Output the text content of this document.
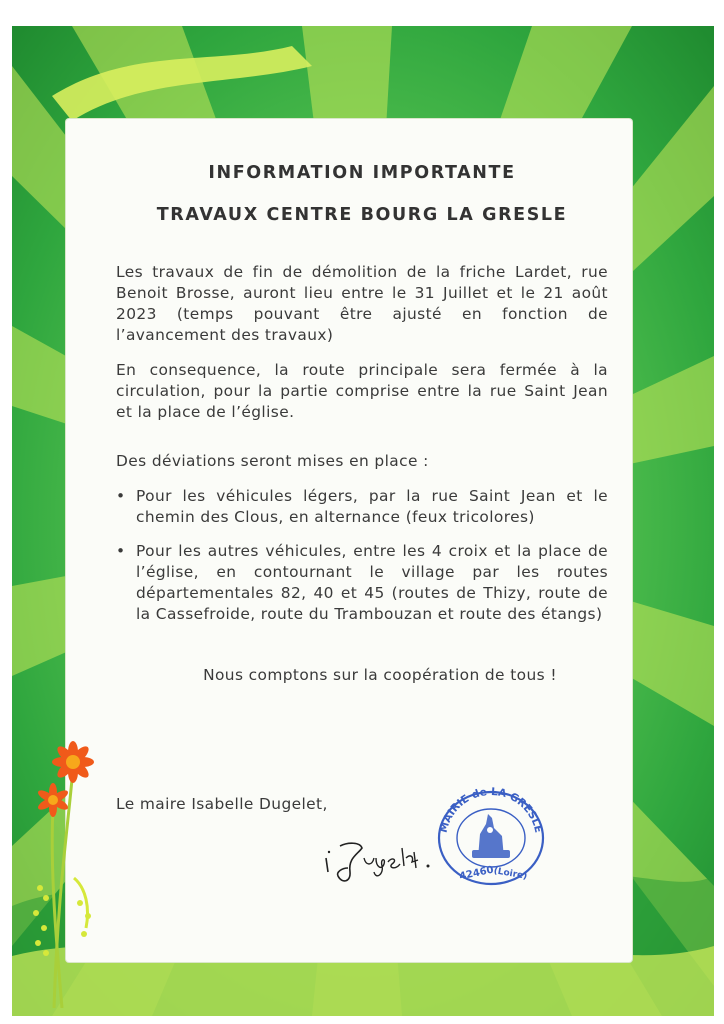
INFORMATION IMPORTANTE

TRAVAUX CENTRE BOURG LA GRESLE

Les travaux de fin de démolition de la friche Lardet, rue Benoit Brosse, auront lieu entre le 31 Juillet et le 21 août 2023 (temps pouvant être ajusté en fonction de l’avancement des travaux)

En consequence, la route principale sera fermée à la circulation, pour la partie comprise entre la rue Saint Jean et la place de l’église.

Des déviations seront mises en place :

• Pour les véhicules légers, par la rue Saint Jean et le chemin des Clous, en alternance (feux tricolores)
• Pour les autres véhicules, entre les 4 croix et la place de l’église, en contournant le village par les routes départementales 82, 40 et 45 (routes de Thizy, route de la Cassefroide, route du Trambouzan et route des étangs)

Nous comptons sur la coopération de tous !

Le maire Isabelle Dugelet,
MAIRIE de LA GRESLE
42460
(Loire)
